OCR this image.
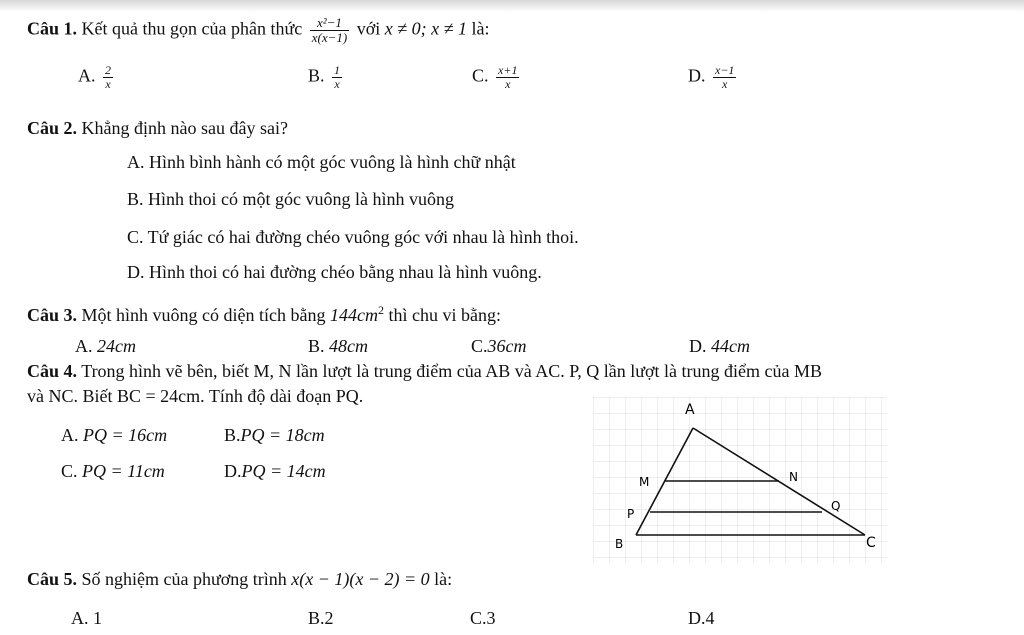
Câu 1. Kết quả thu gọn của phân thức $\frac{\text{x²−1}}{x(x-1)}$ với x ≠ 0; x ≠ 1 là:
A. $\frac{2}{x}$	B. $\frac{1}{x}$	C. $\frac{x+1}{x}$	D. $\frac{x-1}{x}$
Câu 2. Khẳng định nào sau đây sai?
A. Hình bình hành có một góc vuông là hình chữ nhật
B. Hình thoi có một góc vuông là hình vuông
C. Tứ giác có hai đường chéo vuông góc với nhau là hình thoi.
D. Hình thoi có hai đường chéo bằng nhau là hình vuông.
Câu 3. Một hình vuông có diện tích bằng $144cm^2$ thì chu vi bằng:
A. 24cm	B. 48cm	C.36cm	D. 44cm
Câu 4. Trong hình vẽ bên, biết M, N lần lượt là trung điểm của AB và AC. P, Q lần lượt là trung điểm của MB
và NC. Biết BC = 24cm. Tính độ dài đoạn PQ.
A. PQ = 16cm	B.PQ = 18cm
C. PQ = 11cm	D.PQ = 14cm
A
M	N
P
Q
B	C
Câu 5. Số nghiệm của phương trình x(x − 1)(x − 2) = 0 là:
A. 1	B.2	C.3	D.4
